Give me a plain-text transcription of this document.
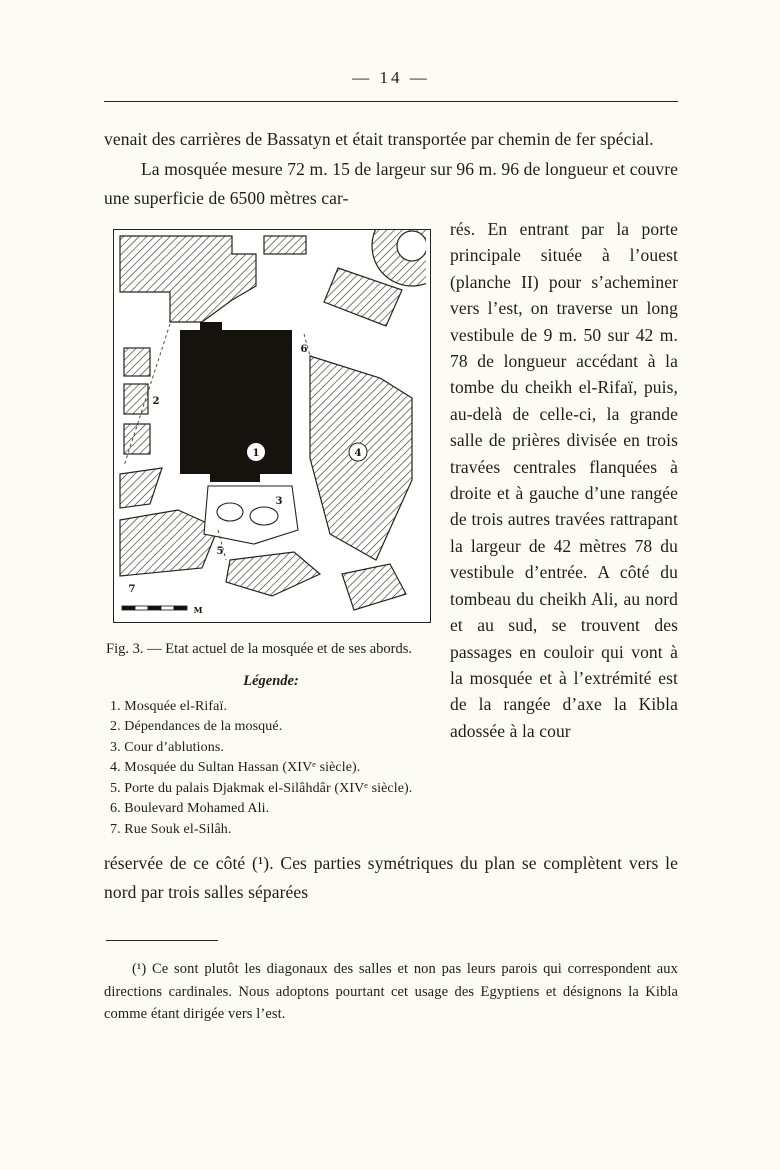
— 14 —

venait des carrières de Bassatyn et était transportée par chemin de fer spécial.

La mosquée mesure 72 m. 15 de largeur sur 96 m. 96 de longueur et couvre une superficie de 6500 mètres car-

1
2
3
4
5
6
7
M
Fig. 3. — Etat actuel de la mosquée et de ses abords.
Légende:
1. Mosquée el-Rifaï.
2. Dépendances de la mosqué.
3. Cour d’ablutions.
4. Mosquée du Sultan Hassan (XIVᵉ siècle).
5. Porte du palais Djakmak el-Silâhdâr (XIVᵉ siècle).
6. Boulevard Mohamed Ali.
7. Rue Souk el-Silâh.
rés. En entrant par la porte principale située à l’ouest (planche II) pour s’acheminer vers l’est, on traverse un long vestibule de 9 m. 50 sur 42 m. 78 de longueur accédant à la tombe du cheikh el-Rifaï, puis, au-delà de celle-ci, la grande salle de prières divisée en trois travées centrales flanquées à droite et à gauche d’une rangée de trois autres travées rattrapant la largeur de 42 mètres 78 du vestibule d’entrée. A côté du tombeau du cheikh Ali, au nord et au sud, se trouvent des passages en couloir qui vont à la mosquée et à l’extrémité est de la rangée d’axe la Kibla adossée à la cour

réservée de ce côté (¹). Ces parties symétriques du plan se complètent vers le nord par trois salles séparées

(¹) Ce sont plutôt les diagonaux des salles et non pas leurs parois qui correspondent aux directions cardinales. Nous adoptons pourtant cet usage des Egyptiens et désignons la Kibla comme étant dirigée vers l’est.
